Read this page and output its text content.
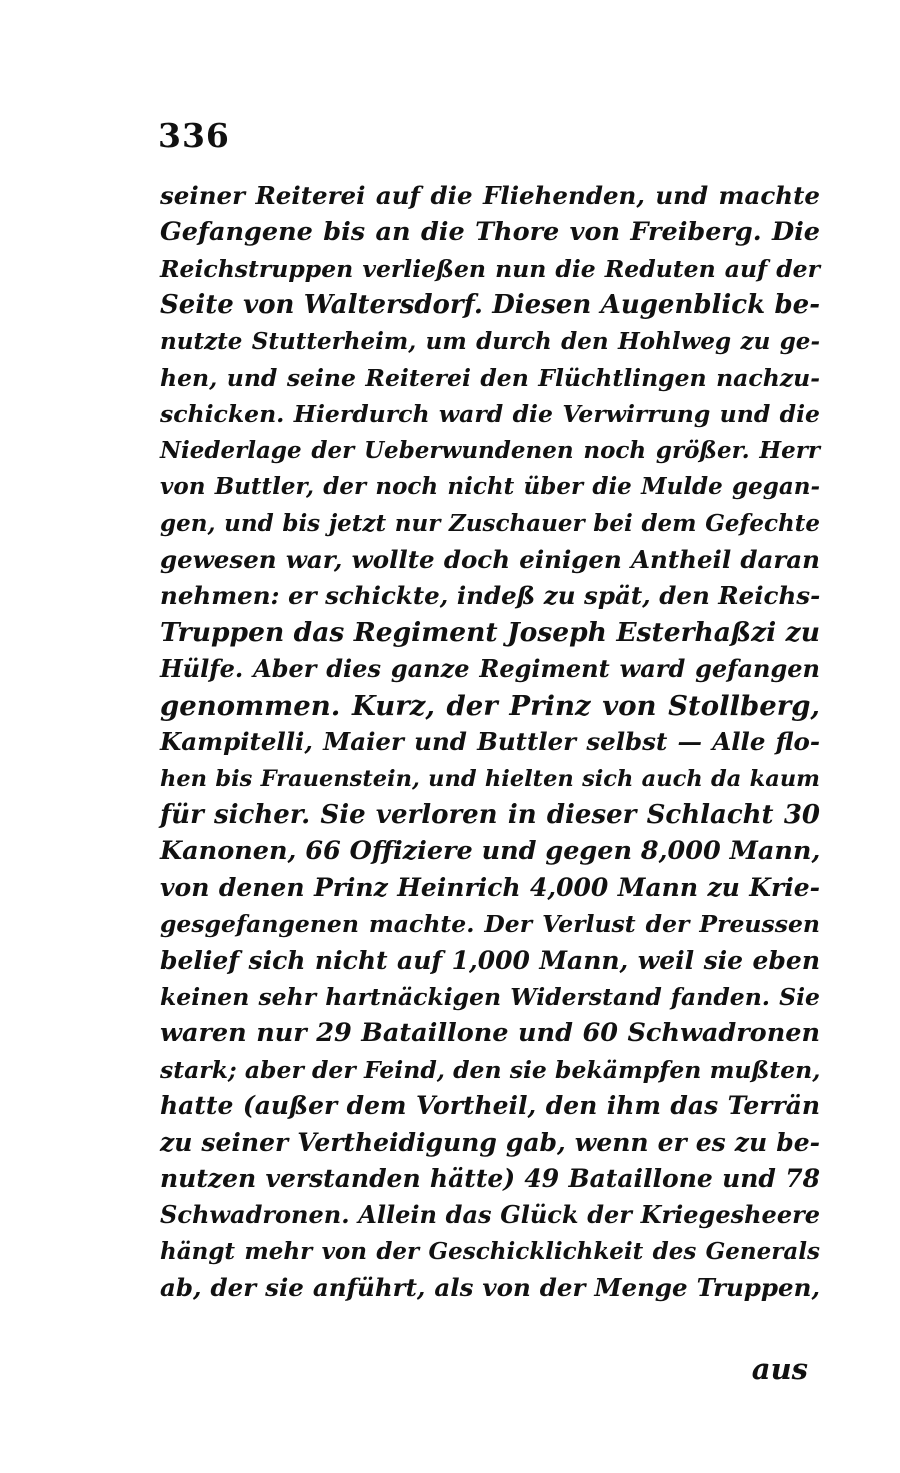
336
seiner Reiterei auf die Fliehenden, und machte
Gefangene bis an die Thore von Freiberg. Die
Reichstruppen verließen nun die Reduten auf der
Seite von Waltersdorf. Diesen Augenblick be-
nutzte Stutterheim, um durch den Hohlweg zu ge-
hen, und seine Reiterei den Flüchtlingen nachzu-
schicken. Hierdurch ward die Verwirrung und die
Niederlage der Ueberwundenen noch größer. Herr
von Buttler, der noch nicht über die Mulde gegan-
gen, und bis jetzt nur Zuschauer bei dem Gefechte
gewesen war, wollte doch einigen Antheil daran
nehmen: er schickte, indeß zu spät, den Reichs-
Truppen das Regiment Joseph Esterhaßzi zu
Hülfe. Aber dies ganze Regiment ward gefangen
genommen. Kurz, der Prinz von Stollberg,
Kampitelli, Maier und Buttler selbst — Alle flo-
hen bis Frauenstein, und hielten sich auch da kaum
für sicher. Sie verloren in dieser Schlacht 30
Kanonen, 66 Offiziere und gegen 8,000 Mann,
von denen Prinz Heinrich 4,000 Mann zu Krie-
gesgefangenen machte. Der Verlust der Preussen
belief sich nicht auf 1,000 Mann, weil sie eben
keinen sehr hartnäckigen Widerstand fanden. Sie
waren nur 29 Bataillone und 60 Schwadronen
stark; aber der Feind, den sie bekämpfen mußten,
hatte (außer dem Vortheil, den ihm das Terrän
zu seiner Vertheidigung gab, wenn er es zu be-
nutzen verstanden hätte) 49 Bataillone und 78
Schwadronen. Allein das Glück der Kriegesheere
hängt mehr von der Geschicklichkeit des Generals
ab, der sie anführt, als von der Menge Truppen,
aus
